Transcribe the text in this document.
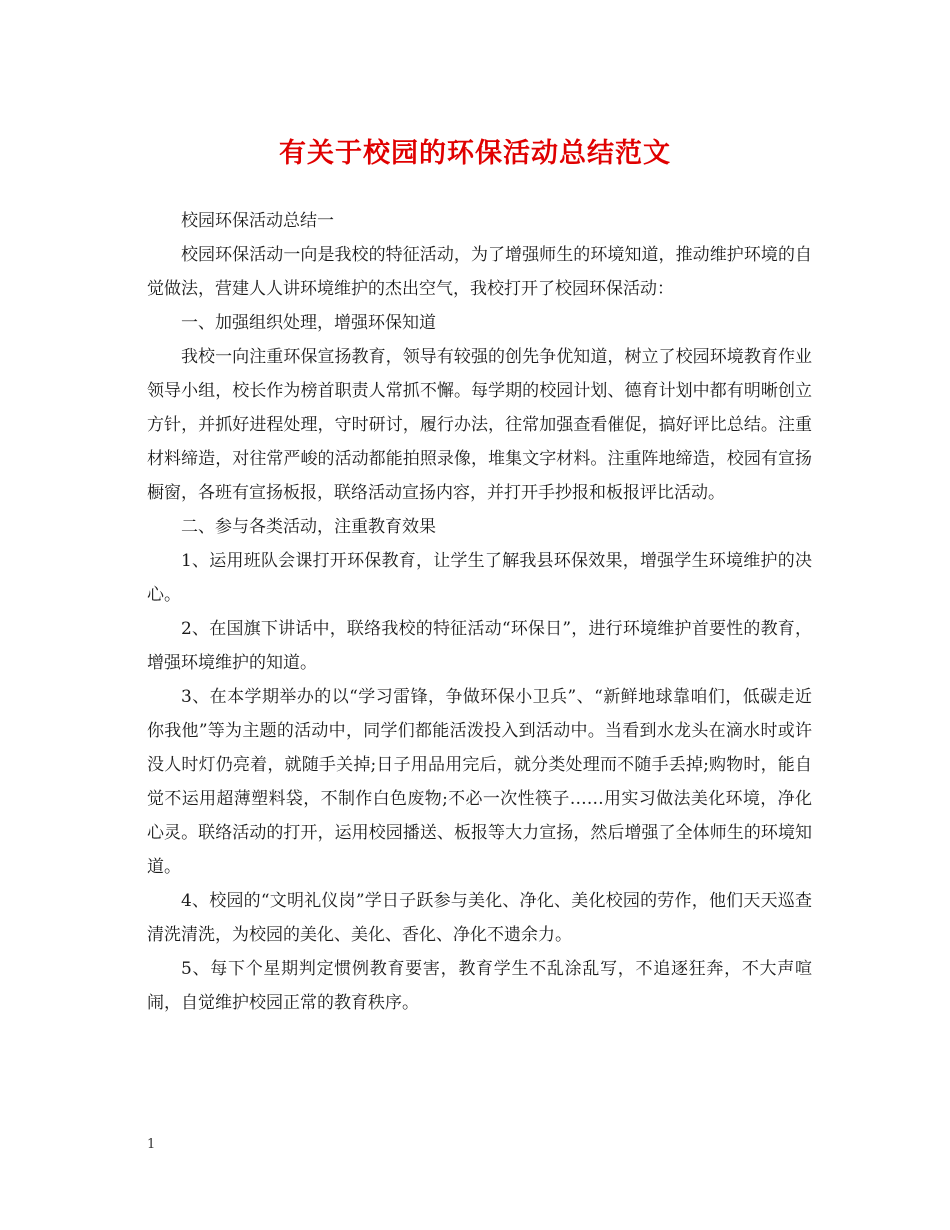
有关于校园的环保活动总结范文

校园环保活动总结一

校园环保活动一向是我校的特征活动，为了增强师生的环境知道，推动维护环境的自觉做法，营建人人讲环境维护的杰出空气，我校打开了校园环保活动：

一、加强组织处理，增强环保知道

我校一向注重环保宣扬教育，领导有较强的创先争优知道，树立了校园环境教育作业领导小组，校长作为榜首职责人常抓不懈。每学期的校园计划、德育计划中都有明晰创立方针，并抓好进程处理，守时研讨，履行办法，往常加强查看催促，搞好评比总结。注重材料缔造，对往常严峻的活动都能拍照录像，堆集文字材料。注重阵地缔造，校园有宣扬橱窗，各班有宣扬板报，联络活动宣扬内容，并打开手抄报和板报评比活动。

二、参与各类活动，注重教育效果

1、运用班队会课打开环保教育，让学生了解我县环保效果，增强学生环境维护的决心。

2、在国旗下讲话中，联络我校的特征活动“环保日”，进行环境维护首要性的教育，增强环境维护的知道。

3、在本学期举办的以“学习雷锋，争做环保小卫兵”、“新鲜地球靠咱们，低碳走近你我他”等为主题的活动中，同学们都能活泼投入到活动中。当看到水龙头在滴水时或许没人时灯仍亮着，就随手关掉;日子用品用完后，就分类处理而不随手丢掉;购物时，能自觉不运用超薄塑料袋，不制作白色废物;不必一次性筷子……用实习做法美化环境，净化心灵。联络活动的打开，运用校园播送、板报等大力宣扬，然后增强了全体师生的环境知道。

4、校园的“文明礼仪岗”学日子跃参与美化、净化、美化校园的劳作，他们天天巡查清洗清洗，为校园的美化、美化、香化、净化不遗余力。

5、每下个星期判定惯例教育要害，教育学生不乱涂乱写，不追逐狂奔，不大声喧闹，自觉维护校园正常的教育秩序。

1
